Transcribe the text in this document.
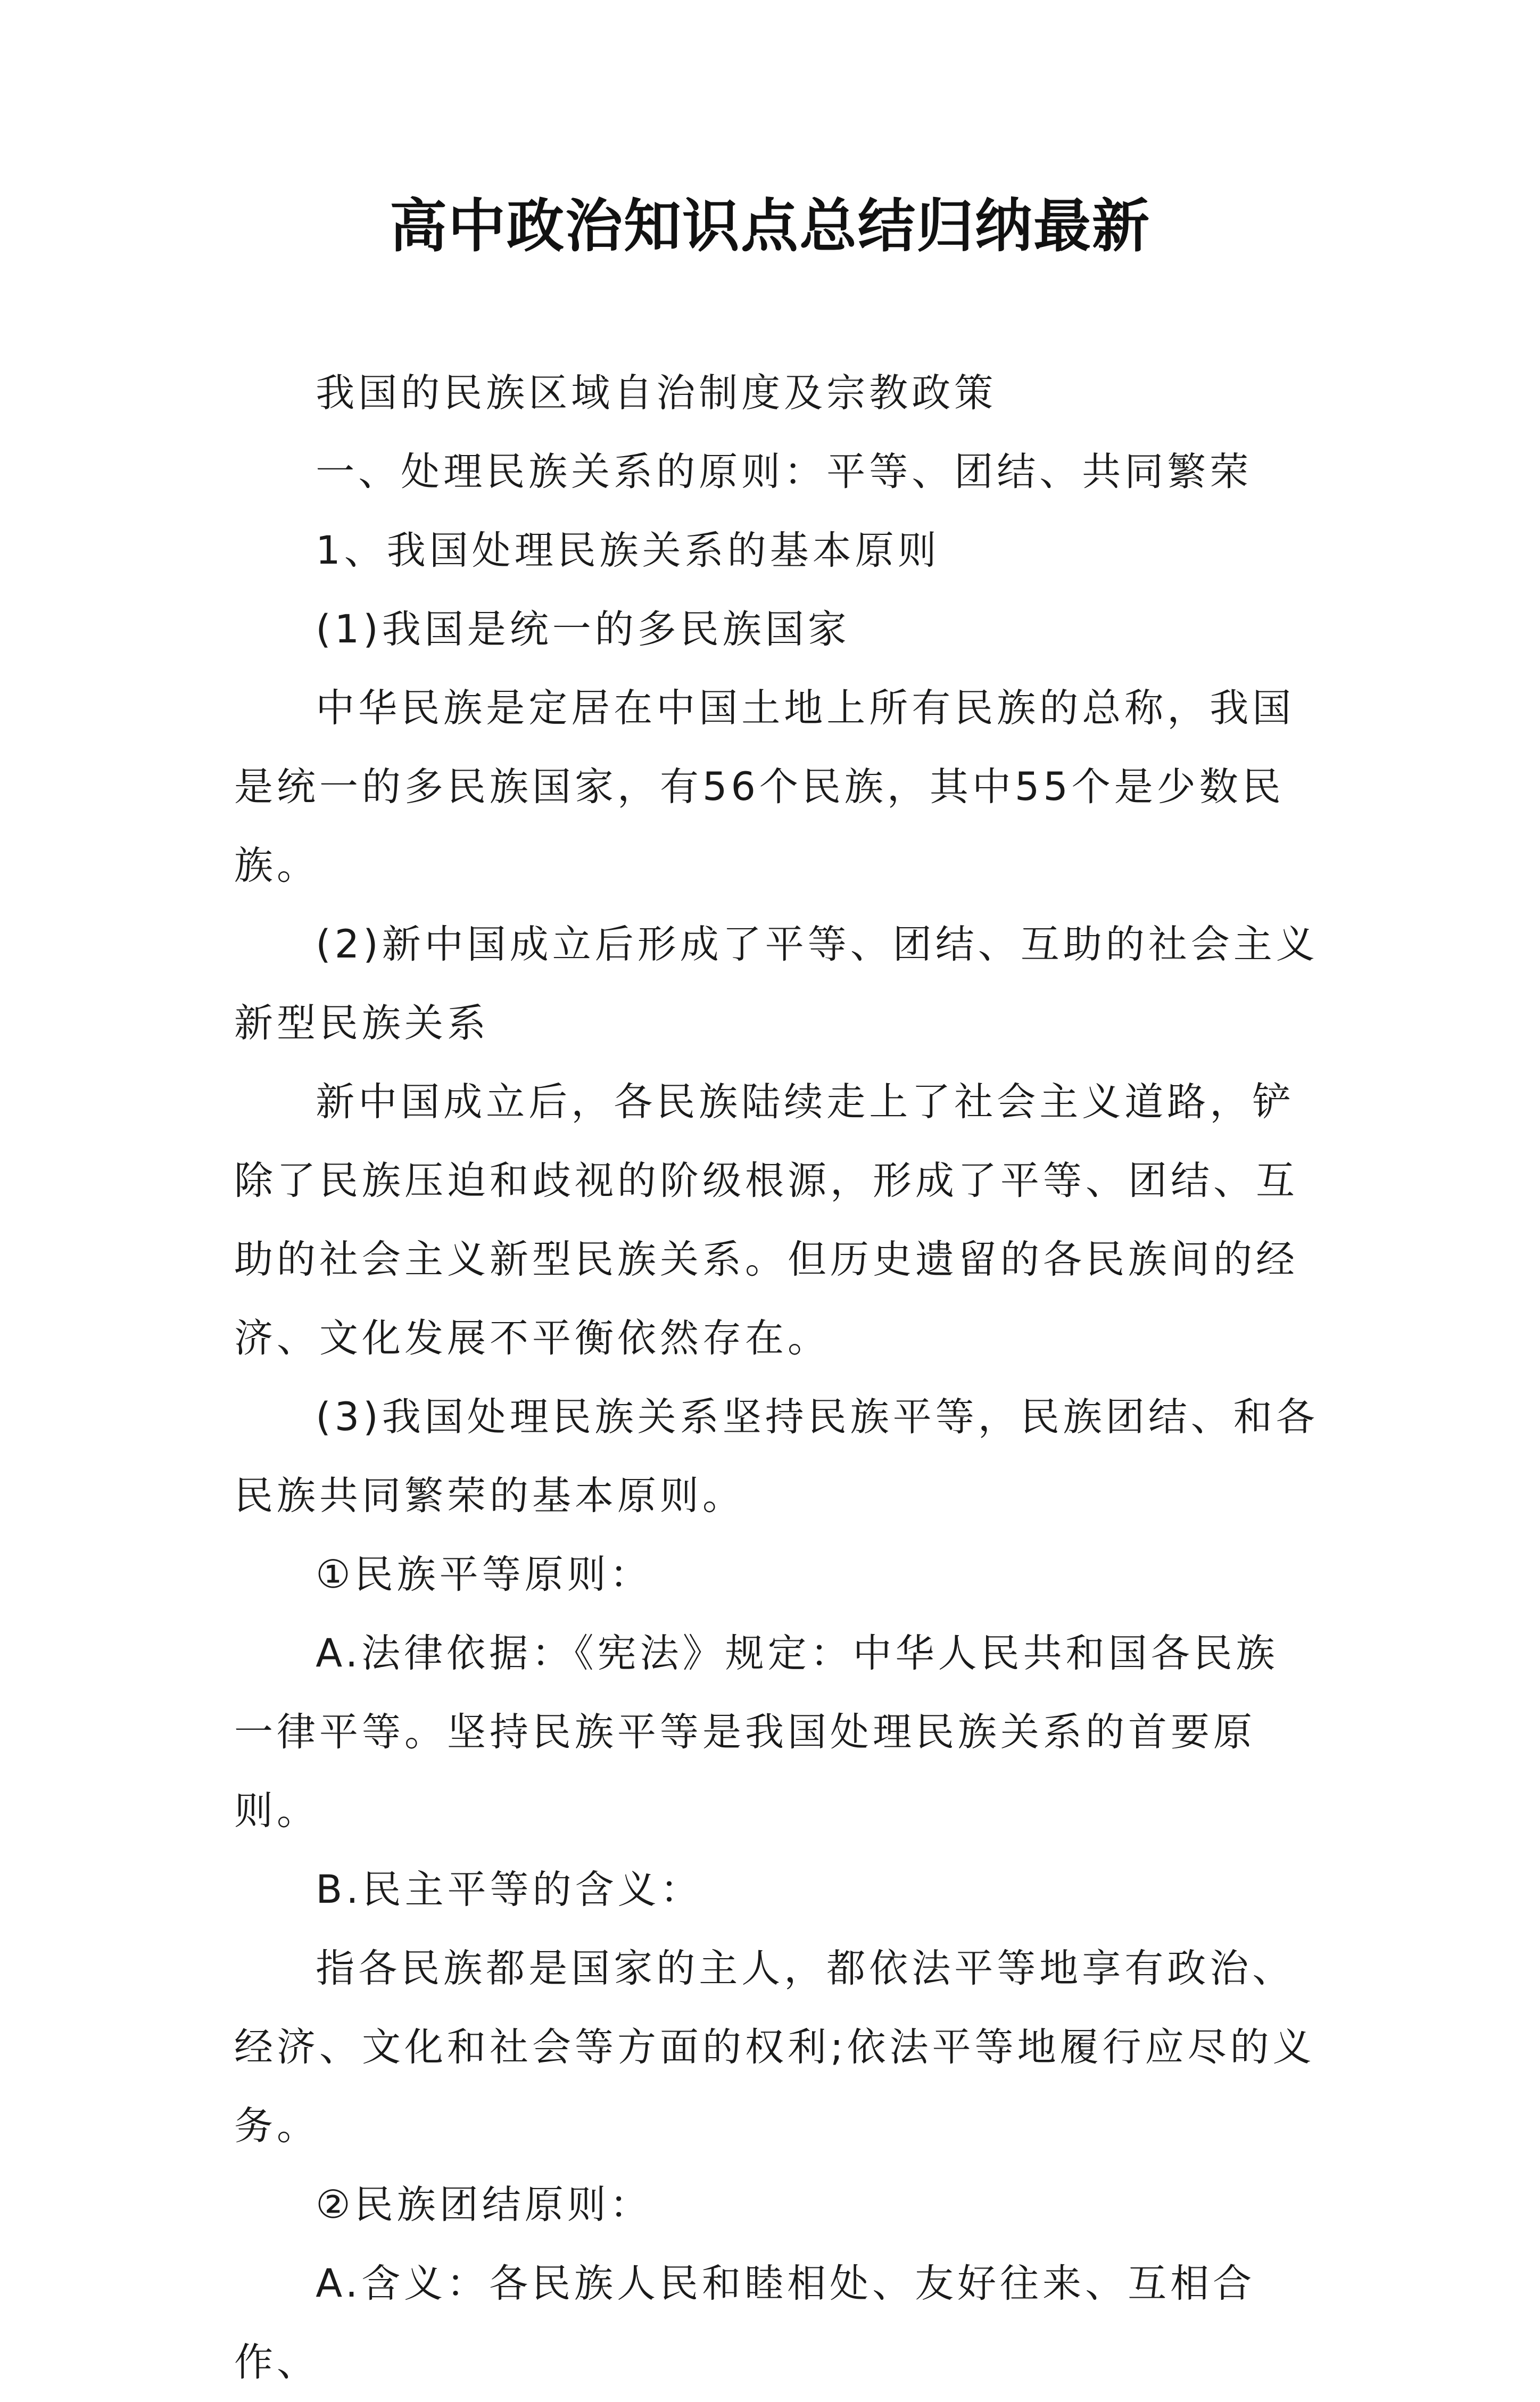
高中政治知识点总结归纳最新

我国的民族区域自治制度及宗教政策

一、处理民族关系的原则：平等、团结、共同繁荣

1、我国处理民族关系的基本原则

(1)我国是统一的多民族国家

中华民族是定居在中国土地上所有民族的总称，我国是统一的多民族国家，有56个民族，其中55个是少数民族。

(2)新中国成立后形成了平等、团结、互助的社会主义新型民族关系

新中国成立后，各民族陆续走上了社会主义道路，铲除了民族压迫和歧视的阶级根源，形成了平等、团结、互助的社会主义新型民族关系。但历史遗留的各民族间的经济、文化发展不平衡依然存在。

(3)我国处理民族关系坚持民族平等，民族团结、和各民族共同繁荣的基本原则。

①民族平等原则：

A.法律依据：《宪法》规定：中华人民共和国各民族一律平等。坚持民族平等是我国处理民族关系的首要原则。

B.民主平等的含义：

指各民族都是国家的主人，都依法平等地享有政治、经济、文化和社会等方面的权利;依法平等地履行应尽的义务。

②民族团结原则：

A.含义：各民族人民和睦相处、友好往来、互相合作、
